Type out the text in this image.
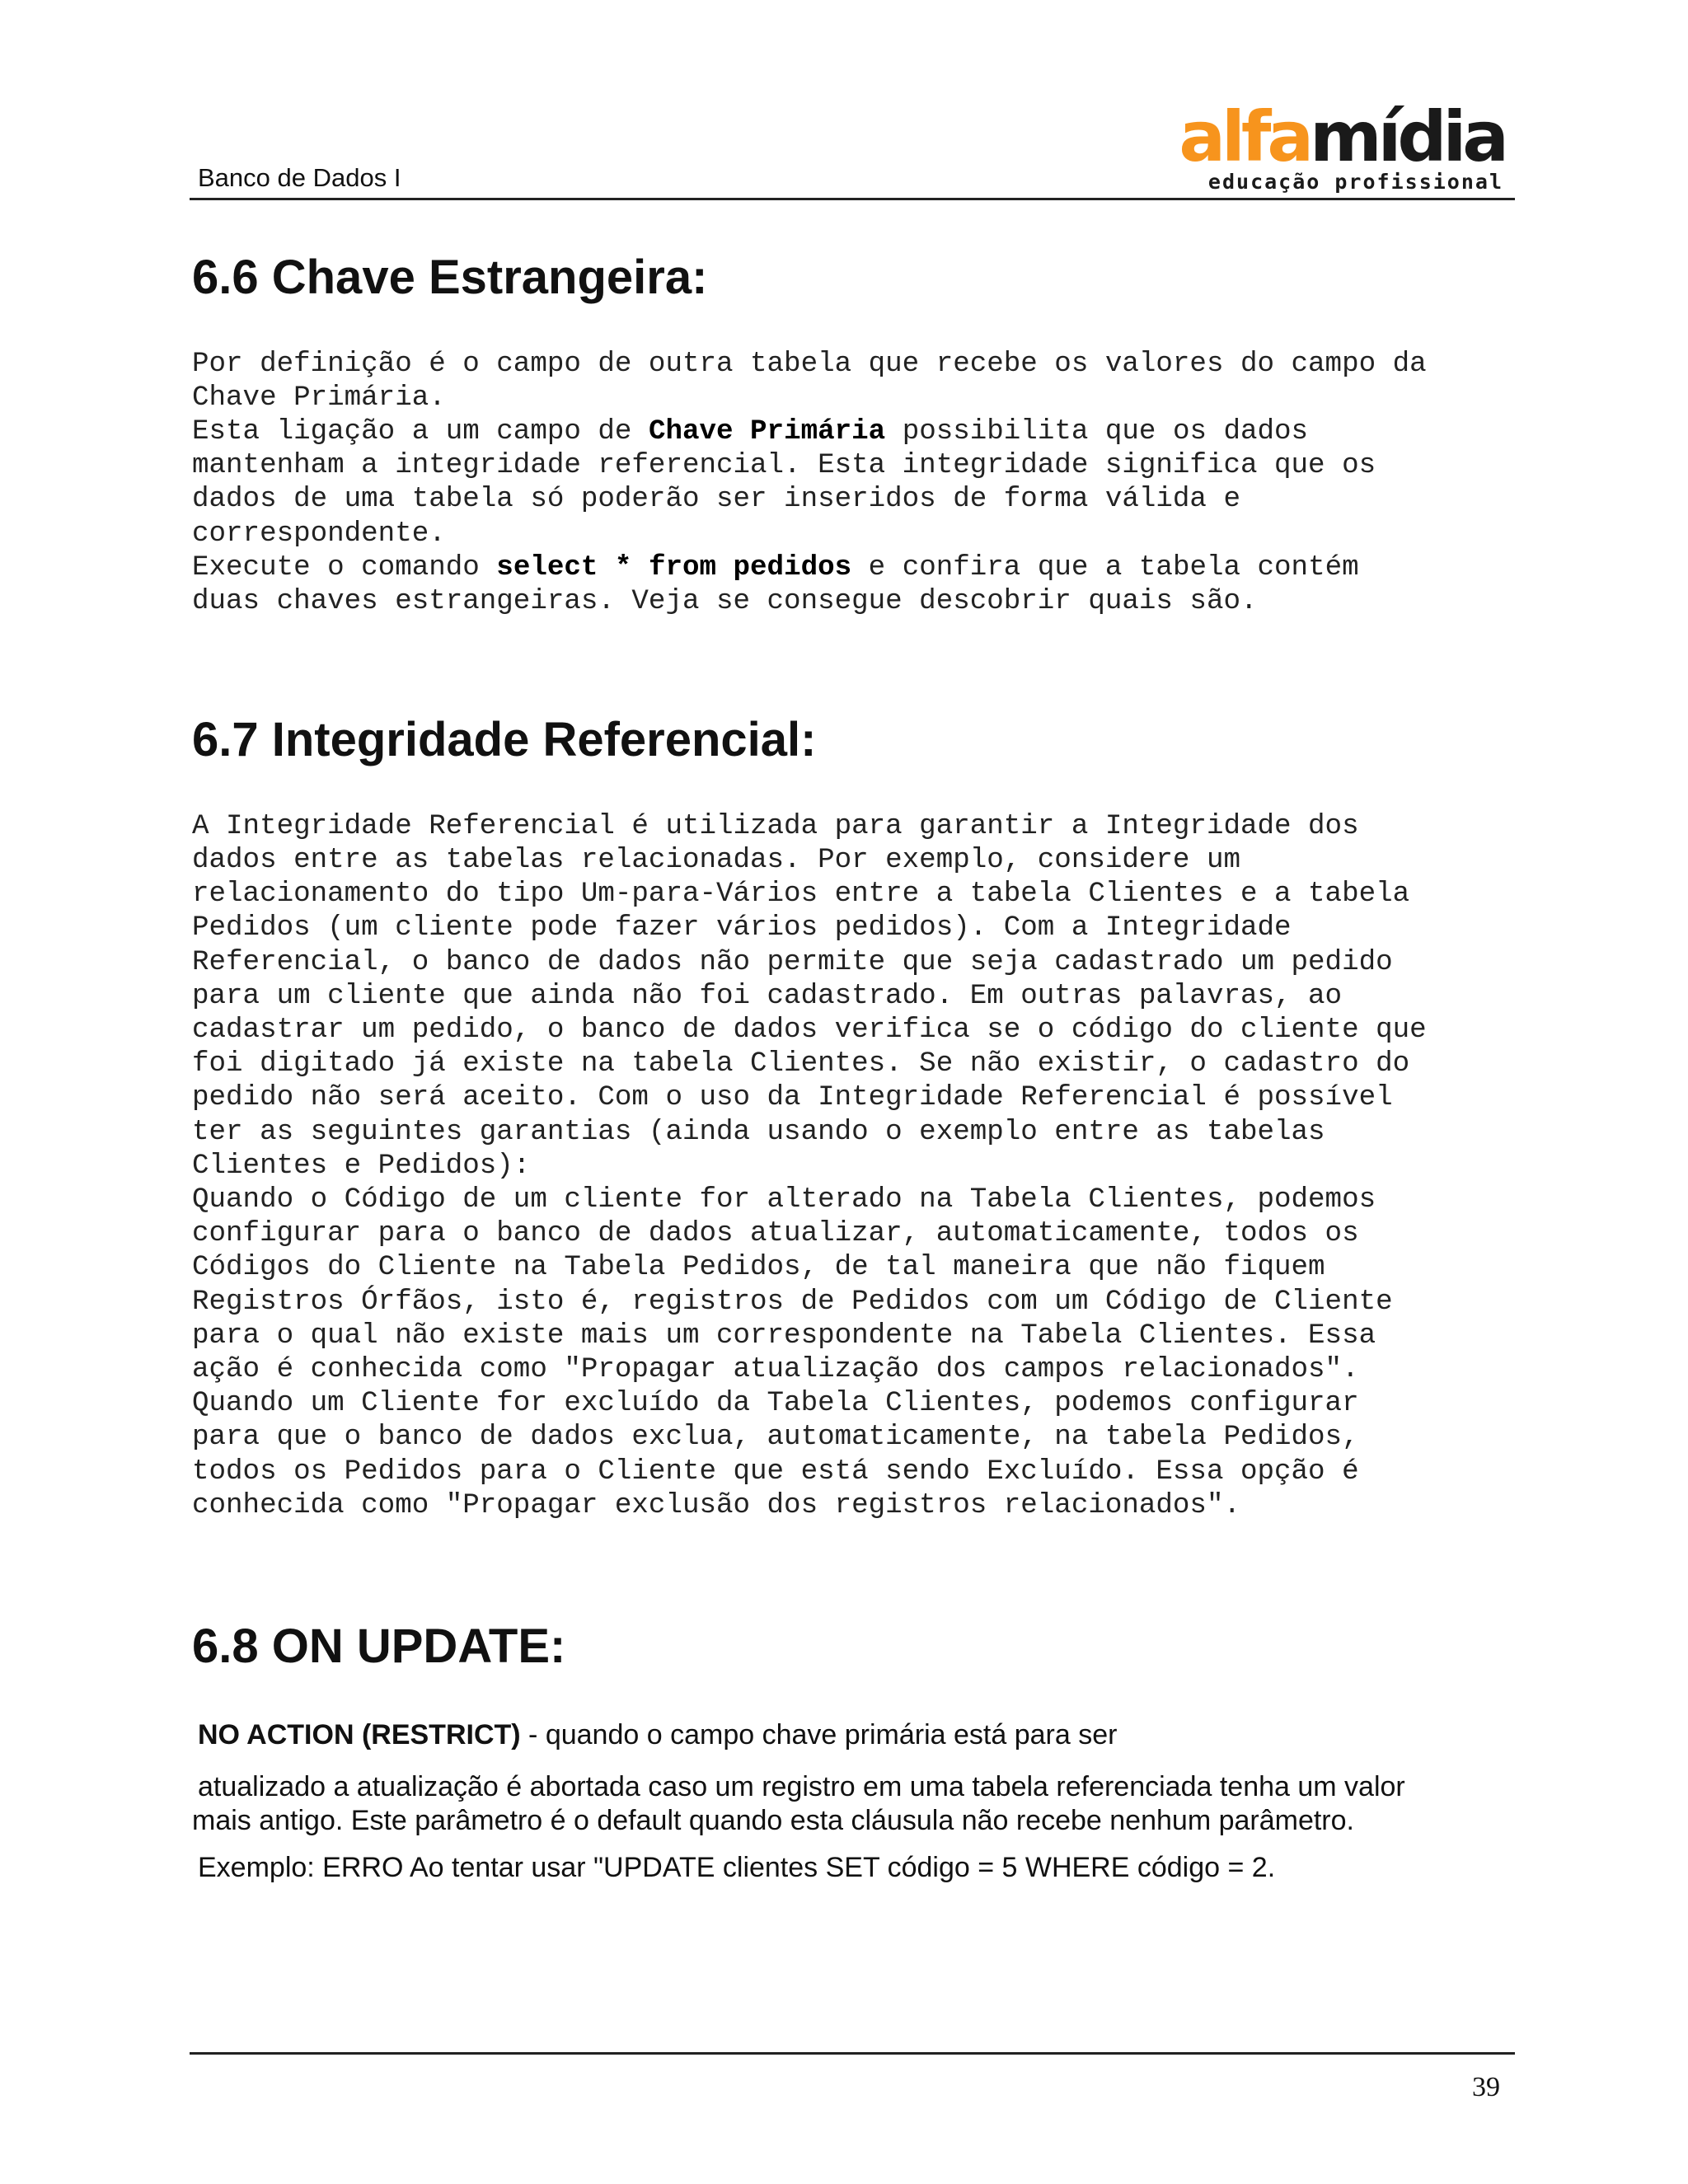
Banco de Dados I
alfamídia
educação profissional
6.6 Chave Estrangeira:
Por definição é o campo de outra tabela que recebe os valores do campo da
Chave Primária.
Esta ligação a um campo de Chave Primária possibilita que os dados
mantenham a integridade referencial. Esta integridade significa que os
dados de uma tabela só poderão ser inseridos de forma válida e
correspondente.
Execute o comando select * from pedidos e confira que a tabela contém
duas chaves estrangeiras. Veja se consegue descobrir quais são.
6.7 Integridade Referencial:
A Integridade Referencial é utilizada para garantir a Integridade dos
dados entre as tabelas relacionadas. Por exemplo, considere um
relacionamento do tipo Um-para-Vários entre a tabela Clientes e a tabela
Pedidos (um cliente pode fazer vários pedidos). Com a Integridade
Referencial, o banco de dados não permite que seja cadastrado um pedido
para um cliente que ainda não foi cadastrado. Em outras palavras, ao
cadastrar um pedido, o banco de dados verifica se o código do cliente que
foi digitado já existe na tabela Clientes. Se não existir, o cadastro do
pedido não será aceito. Com o uso da Integridade Referencial é possível
ter as seguintes garantias (ainda usando o exemplo entre as tabelas
Clientes e Pedidos):
Quando o Código de um cliente for alterado na Tabela Clientes, podemos
configurar para o banco de dados atualizar, automaticamente, todos os
Códigos do Cliente na Tabela Pedidos, de tal maneira que não fiquem
Registros Órfãos, isto é, registros de Pedidos com um Código de Cliente
para o qual não existe mais um correspondente na Tabela Clientes. Essa
ação é conhecida como "Propagar atualização dos campos relacionados".
Quando um Cliente for excluído da Tabela Clientes, podemos configurar
para que o banco de dados exclua, automaticamente, na tabela Pedidos,
todos os Pedidos para o Cliente que está sendo Excluído. Essa opção é
conhecida como "Propagar exclusão dos registros relacionados".
6.8 ON UPDATE:

NO ACTION (RESTRICT) - quando o campo chave primária está para ser

atualizado a atualização é abortada caso um registro em uma tabela referenciada tenha um valor
mais antigo. Este parâmetro é o default quando esta cláusula não recebe nenhum parâmetro.

Exemplo: ERRO Ao tentar usar "UPDATE clientes SET código = 5 WHERE código = 2.

39
